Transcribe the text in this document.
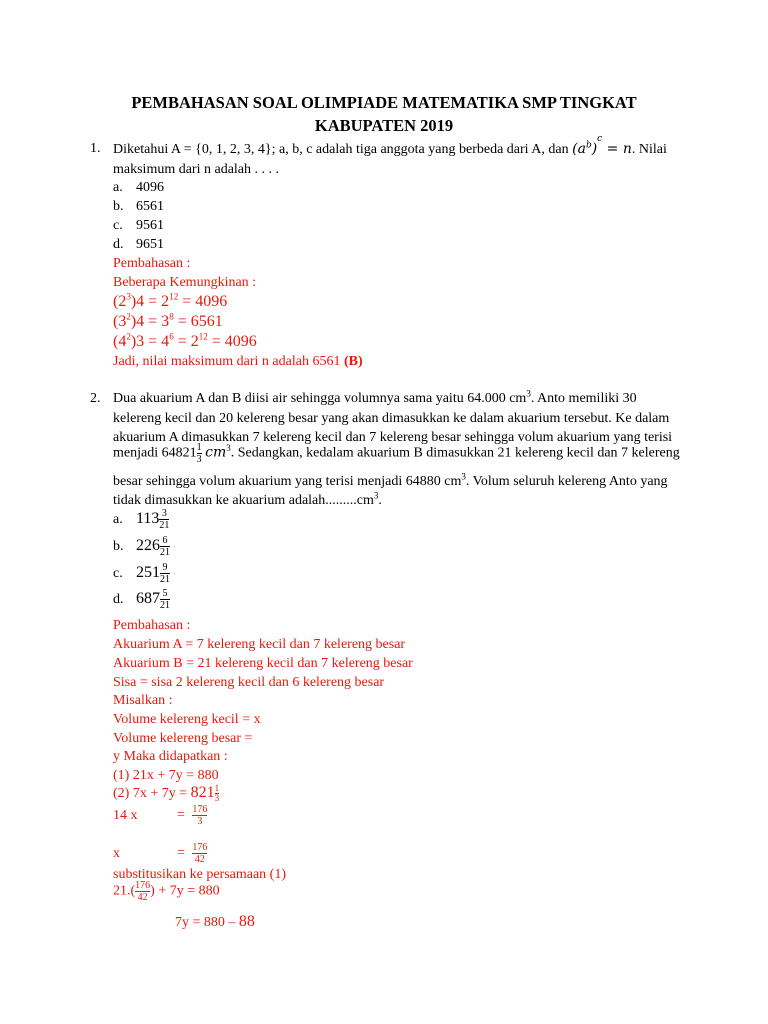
PEMBAHASAN SOAL OLIMPIADE MATEMATIKA SMP TINGKAT
KABUPATEN 2019
1. Diketahui A = {0, 1, 2, 3, 4}; a, b, c adalah tiga anggota yang berbeda dari A, dan $(a^b)^c = n$. Nilai
maksimum dari n adalah . . . .
a. 4096
b. 6561
c. 9561
d. 9651
Pembahasan :
Beberapa Kemungkinan :
$(2^3)4 = 2^{12} = 4096$
$(3^2)4 = 3^8 = 6561$
$(4^2)3 = 4^6 = 2^{12} = 4096$
Jadi, nilai maksimum dari n adalah 6561 (B)
2. Dua akuarium A dan B diisi air sehingga volumnya sama yaitu 64.000 $cm^3$. Anto memiliki 30
kelereng kecil dan 20 kelereng besar yang akan dimasukkan ke dalam akuarium tersebut. Ke dalam
akuarium A dimasukkan 7 kelereng kecil dan 7 kelereng besar sehingga volum akuarium yang terisi
menjadi $64821 \frac{1}{3} cm^3$. Sedangkan, kedalam akuarium B dimasukkan 21 kelereng kecil dan 7 kelereng
besar sehingga volum akuarium yang terisi menjadi 64880 $cm^3$. Volum seluruh kelereng Anto yang
tidak dimasukkan ke akuarium $adalah.........cm^3$.
a. $113 \frac{3}{21}$
b. $226 \frac{6}{21}$
c. $251 \frac{9}{21}$
d. $687 \frac{5}{21}$
Pembahasan :
Akuarium A = 7 kelereng kecil dan 7 kelereng besar
Akuarium B = 21 kelereng kecil dan 7 kelereng besar
Sisa = sisa 2 kelereng kecil dan 6 kelereng besar
Misalkan :
Volume kelereng kecil = x
Volume kelereng besar =
y Maka didapatkan :
(1) 21x + 7y = 880
(2) $7x + 7y = 821 \frac{1}{3}$
14 x	= $\frac{176}{3}$
x	= $\frac{176}{42}$
substitusikan ke persamaan (1)
$21.( \frac{176}{42}$ ) + 7y = 880
7y = 880 – 88
